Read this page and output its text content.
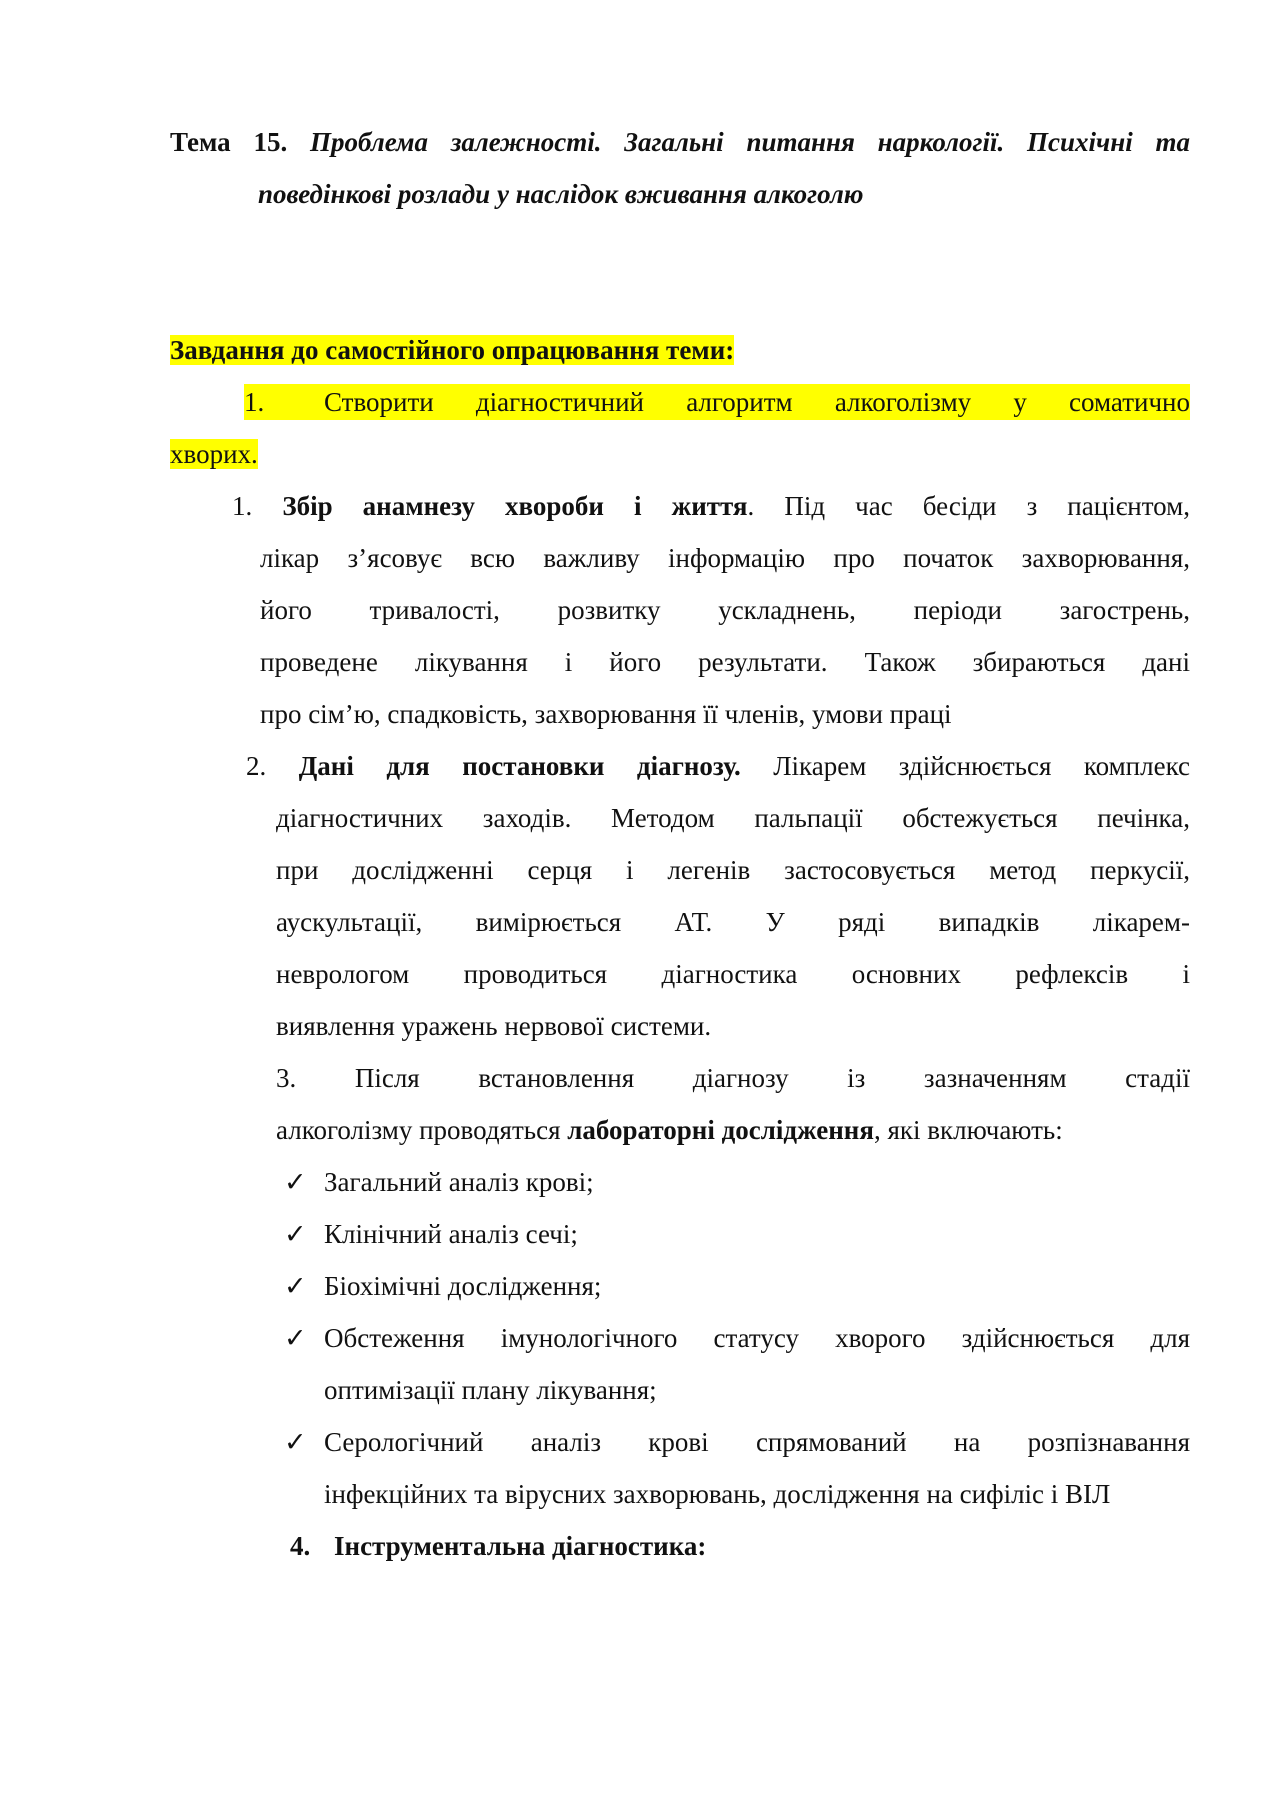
Тема 15. Проблема залежності. Загальні питання наркології. Психічні та
поведінкові розлади у наслідок вживання алкоголю
Завдання до самостійного опрацювання теми:
1.	Створити діагностичний алгоритм алкоголізму у соматично
хворих.
1. Збір анамнезу хвороби і життя. Під час бесіди з пацієнтом,
лікар з’ясовує всю важливу інформацію про початок захворювання,
його тривалості, розвитку ускладнень, періоди загострень,
проведене лікування і його результати. Також збираються дані
про сім’ю, спадковість, захворювання її членів, умови праці
2. Дані для постановки діагнозу. Лікарем здійснюється комплекс
діагностичних заходів. Методом пальпації обстежується печінка,
при дослідженні серця і легенів застосовується метод перкусії,
аускультації, вимірюється АТ. У ряді випадків лікарем-
неврологом проводиться діагностика основних рефлексів і
виявлення уражень нервової системи.
3. Після встановлення діагнозу із зазначенням стадії
алкоголізму проводяться лабораторні дослідження, які включають:
✓ Загальний аналіз крові;
✓ Клінічний аналіз сечі;
✓ Біохімічні дослідження;
✓ Обстеження імунологічного статусу хворого здійснюється для
оптимізації плану лікування;
✓ Серологічний аналіз крові спрямований на розпізнавання
інфекційних та вірусних захворювань, дослідження на сифіліс і ВІЛ
4. Інструментальна діагностика:
